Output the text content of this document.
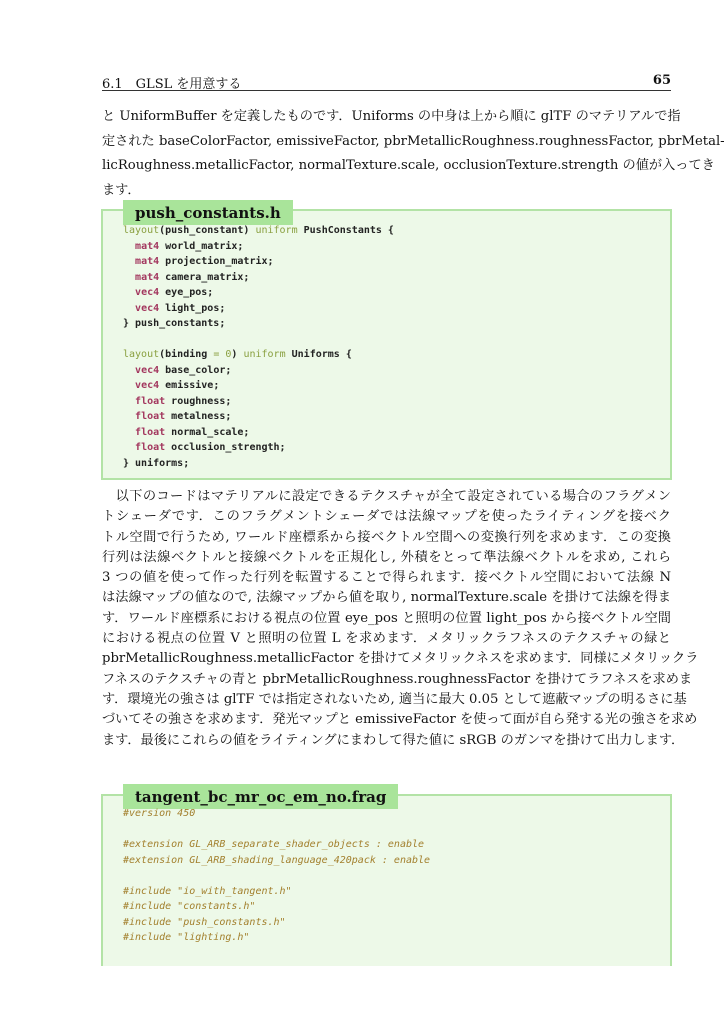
6.1　GLSL を用意する	65
と UniformBuffer を定義したものです．Uniforms の中身は上から順に glTF のマテリアルで指
定された baseColorFactor, emissiveFactor, pbrMetallicRoughness.roughnessFactor, pbrMetal-
licRoughness.metallicFactor, normalTexture.scale, occlusionTexture.strength の値が入ってき
ます．
push_constants.h
layout(push_constant) uniform PushConstants {
mat4 world_matrix;
mat4 projection_matrix;
mat4 camera_matrix;
vec4 eye_pos;
vec4 light_pos;
} push_constants;

layout(binding = 0) uniform Uniforms {
vec4 base_color;
vec4 emissive;
float roughness;
float metalness;
float normal_scale;
float occlusion_strength;
} uniforms;
　以下のコードはマテリアルに設定できるテクスチャが全て設定されている場合のフラグメン
トシェーダです．このフラグメントシェーダでは法線マップを使ったライティングを接ベク
トル空間で行うため, ワールド座標系から接ベクトル空間への変換行列を求めます．この変換
行列は法線ベクトルと接線ベクトルを正規化し, 外積をとって準法線ベクトルを求め, これら
3 つの値を使って作った行列を転置することで得られます．接ベクトル空間において法線 N
は法線マップの値なので, 法線マップから値を取り, normalTexture.scale を掛けて法線を得ま
す．ワールド座標系における視点の位置 eye_pos と照明の位置 light_pos から接ベクトル空間
における視点の位置 V と照明の位置 L を求めます．メタリックラフネスのテクスチャの緑と
pbrMetallicRoughness.metallicFactor を掛けてメタリックネスを求めます．同様にメタリックラ
フネスのテクスチャの青と pbrMetallicRoughness.roughnessFactor を掛けてラフネスを求めま
す．環境光の強さは glTF では指定されないため, 適当に最大 0.05 として遮蔽マップの明るさに基
づいてその強さを求めます．発光マップと emissiveFactor を使って面が自ら発する光の強さを求め
ます．最後にこれらの値をライティングにまわして得た値に sRGB のガンマを掛けて出力します．
tangent_bc_mr_oc_em_no.frag
#version 450

#extension GL_ARB_separate_shader_objects : enable
#extension GL_ARB_shading_language_420pack : enable

#include "io_with_tangent.h"
#include "constants.h"
#include "push_constants.h"
#include "lighting.h"
